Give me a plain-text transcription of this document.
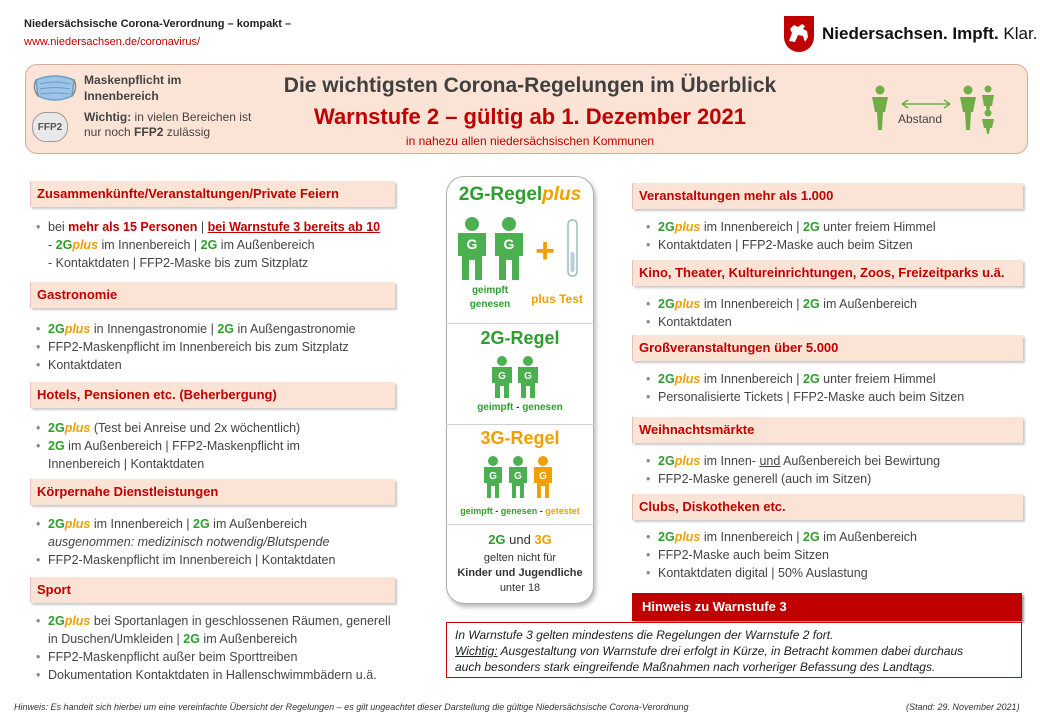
Niedersächsische Corona-Verordnung – kompakt –
www.niedersachsen.de/coronavirus/	Niedersachsen. Impft. Klar.
FFP2
Maskenpflicht im Innenbereich
Wichtig: in vielen Bereichen ist nur noch FFP2 zulässig
Die wichtigsten Corona-Regelungen im Überblick
Warnstufe 2 – gültig ab 1. Dezember 2021
in nahezu allen niedersächsischen Kommunen
Abstand
Zusammenkünfte/Veranstaltungen/Private Feiern
• bei mehr als 15 Personen | bei Warnstufe 3 bereits ab 10
- 2Gplus im Innenbereich | 2G im Außenbereich
- Kontaktdaten | FFP2-Maske bis zum Sitzplatz
Gastronomie
• 2Gplus in Innengastronomie | 2G in Außengastronomie
• FFP2-Maskenpflicht im Innenbereich bis zum Sitzplatz
• Kontaktdaten
Hotels, Pensionen etc. (Beherbergung)
• 2Gplus (Test bei Anreise und 2x wöchentlich)
• 2G im Außenbereich | FFP2-Maskenpflicht im
Innenbereich | Kontaktdaten
Körpernahe Dienstleistungen
• 2Gplus im Innenbereich | 2G im Außenbereich
ausgenommen: medizinisch notwendig/Blutspende
• FFP2-Maskenpflicht im Innenbereich | Kontaktdaten
Sport
• 2Gplus bei Sportanlagen in geschlossenen Räumen, generell
in Duschen/Umkleiden | 2G im Außenbereich
• FFP2-Maskenpflicht außer beim Sporttreiben
• Dokumentation Kontaktdaten in Hallenschwimmbädern u.ä.
2G-Regelplus
G G +
geimpft
genesen	plus Test
2G-Regel
G G
geimpft - genesen
3G-Regel
G G G
geimpft - genesen - getestet
2G und 3G
gelten nicht für
Kinder und Jugendliche
unter 18
Veranstaltungen mehr als 1.000
• 2Gplus im Innenbereich | 2G unter freiem Himmel
• Kontaktdaten | FFP2-Maske auch beim Sitzen
Kino, Theater, Kultureinrichtungen, Zoos, Freizeitparks u.ä.
• 2Gplus im Innenbereich | 2G im Außenbereich
• Kontaktdaten
Großveranstaltungen über 5.000
• 2Gplus im Innenbereich | 2G unter freiem Himmel
• Personalisierte Tickets | FFP2-Maske auch beim Sitzen
Weihnachtsmärkte
• 2Gplus im Innen- und Außenbereich bei Bewirtung
• FFP2-Maske generell (auch im Sitzen)
Clubs, Diskotheken etc.
• 2Gplus im Innenbereich | 2G im Außenbereich
• FFP2-Maske auch beim Sitzen
• Kontaktdaten digital | 50% Auslastung
Hinweis zu Warnstufe 3
In Warnstufe 3 gelten mindestens die Regelungen der Warnstufe 2 fort.
Wichtig: Ausgestaltung von Warnstufe drei erfolgt in Kürze, in Betracht kommen dabei durchaus
auch besonders stark eingreifende Maßnahmen nach vorheriger Befassung des Landtags.
Hinweis: Es handelt sich hierbei um eine vereinfachte Übersicht der Regelungen – es gilt ungeachtet dieser Darstellung die gültige Niedersächsische Corona-Verordnung	(Stand: 29. November 2021)
